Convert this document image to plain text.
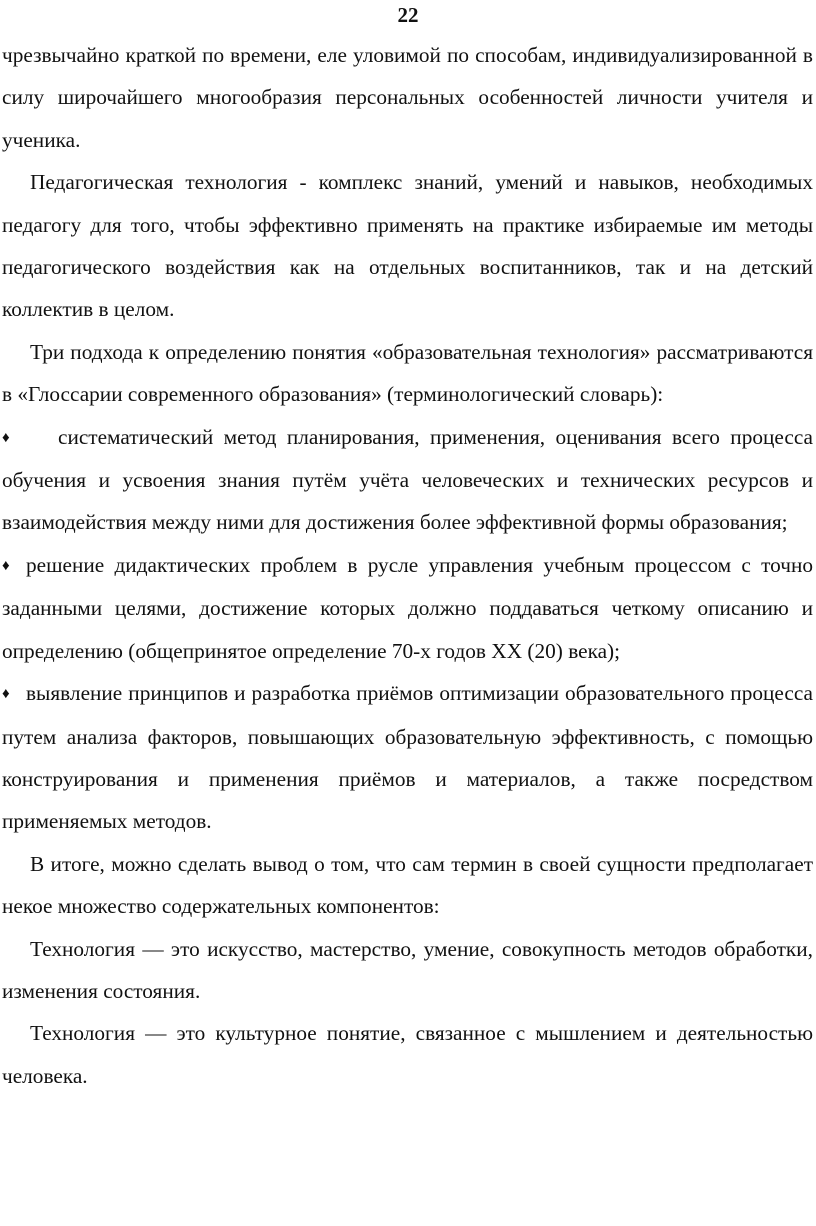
22

чрезвычайно краткой по времени, еле уловимой по способам, индивидуализированной в силу широчайшего многообразия персональных особенностей личности учителя и ученика.

Педагогическая технология - комплекс знаний, умений и навыков, необходимых педагогу для того, чтобы эффективно применять на практике избираемые им методы педагогического воздействия как на отдельных воспитанников, так и на детский коллектив в целом.

Три подхода к определению понятия «образовательная технология» рассматриваются в «Глоссарии современного образования» (терминологический словарь):

♦ систематический метод планирования, применения, оценивания всего процесса обучения и усвоения знания путём учёта человеческих и технических ресурсов и взаимодействия между ними для достижения более эффективной формы образования;

♦ решение дидактических проблем в русле управления учебным процессом с точно заданными целями, достижение которых должно поддаваться четкому описанию и определению (общепринятое определение 70-х годов XX (20) века);

♦ выявление принципов и разработка приёмов оптимизации образовательного процесса путем анализа факторов, повышающих образовательную эффективность, с помощью конструирования и применения приёмов и материалов, а также посредством применяемых методов.

В итоге, можно сделать вывод о том, что сам термин в своей сущности предполагает некое множество содержательных компонентов:

Технология — это искусство, мастерство, умение, совокупность методов обработки, изменения состояния.

Технология — это культурное понятие, связанное с мышлением и деятельностью человека.
